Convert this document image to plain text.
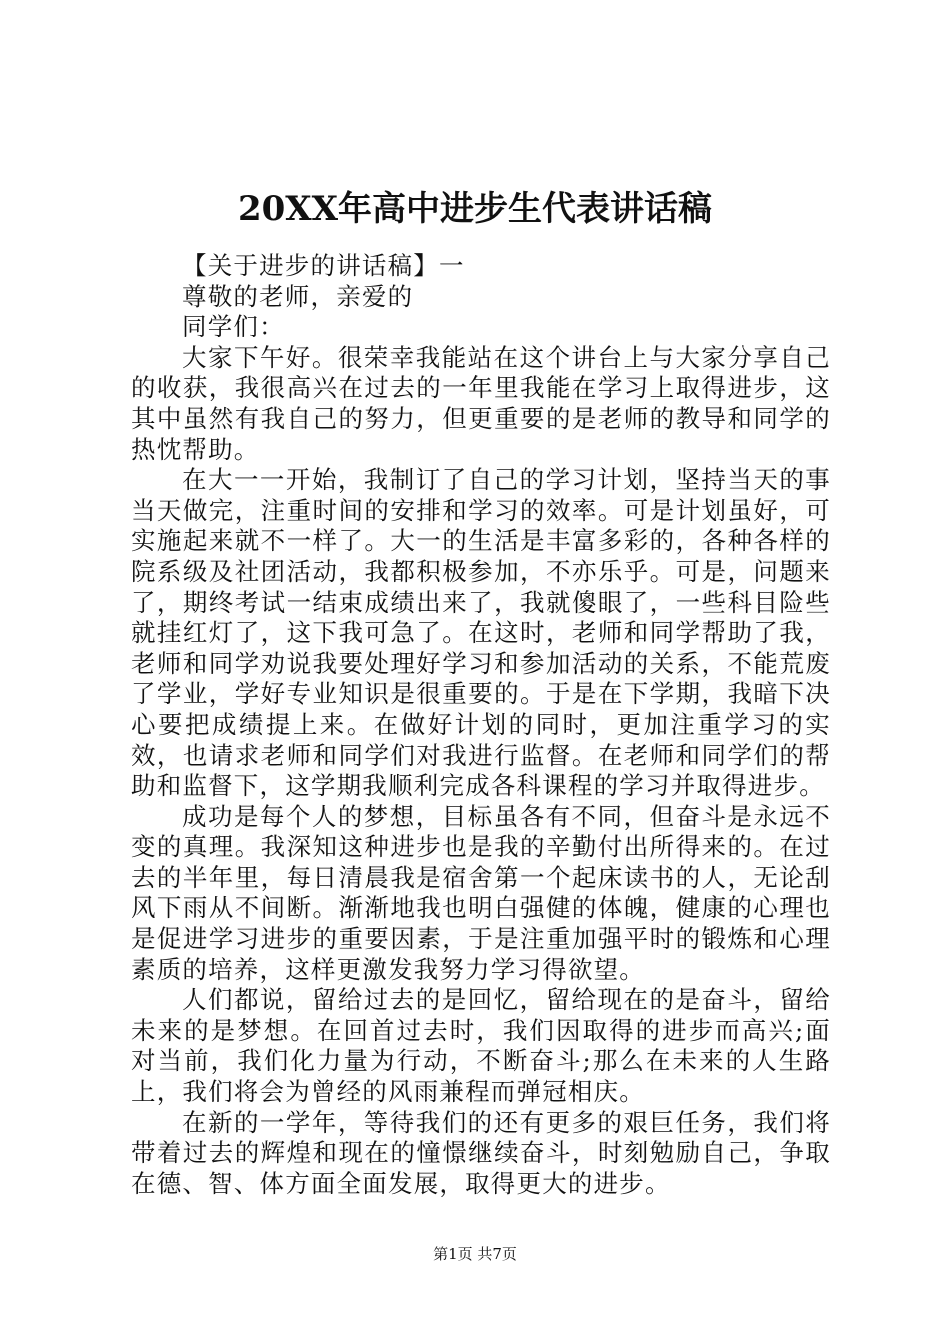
20XX年高中进步生代表讲话稿

【关于进步的讲话稿】一

尊敬的老师，亲爱的

同学们：

大家下午好。很荣幸我能站在这个讲台上与大家分享自己的收获，我很高兴在过去的一年里我能在学习上取得进步，这其中虽然有我自己的努力，但更重要的是老师的教导和同学的热忱帮助。

在大一一开始，我制订了自己的学习计划，坚持当天的事当天做完，注重时间的安排和学习的效率。可是计划虽好，可实施起来就不一样了。大一的生活是丰富多彩的，各种各样的院系级及社团活动，我都积极参加，不亦乐乎。可是，问题来了，期终考试一结束成绩出来了，我就傻眼了，一些科目险些就挂红灯了，这下我可急了。在这时，老师和同学帮助了我，老师和同学劝说我要处理好学习和参加活动的关系，不能荒废了学业，学好专业知识是很重要的。于是在下学期，我暗下决心要把成绩提上来。在做好计划的同时，更加注重学习的实效，也请求老师和同学们对我进行监督。在老师和同学们的帮助和监督下，这学期我顺利完成各科课程的学习并取得进步。

成功是每个人的梦想，目标虽各有不同，但奋斗是永远不变的真理。我深知这种进步也是我的辛勤付出所得来的。在过去的半年里，每日清晨我是宿舍第一个起床读书的人，无论刮风下雨从不间断。渐渐地我也明白强健的体魄，健康的心理也是促进学习进步的重要因素，于是注重加强平时的锻炼和心理素质的培养，这样更激发我努力学习得欲望。

人们都说，留给过去的是回忆，留给现在的是奋斗，留给未来的是梦想。在回首过去时，我们因取得的进步而高兴;面对当前，我们化力量为行动，不断奋斗;那么在未来的人生路上，我们将会为曾经的风雨兼程而弹冠相庆。

在新的一学年，等待我们的还有更多的艰巨任务，我们将带着过去的辉煌和现在的憧憬继续奋斗，时刻勉励自己，争取在德、智、体方面全面发展，取得更大的进步。

第1页 共7页
